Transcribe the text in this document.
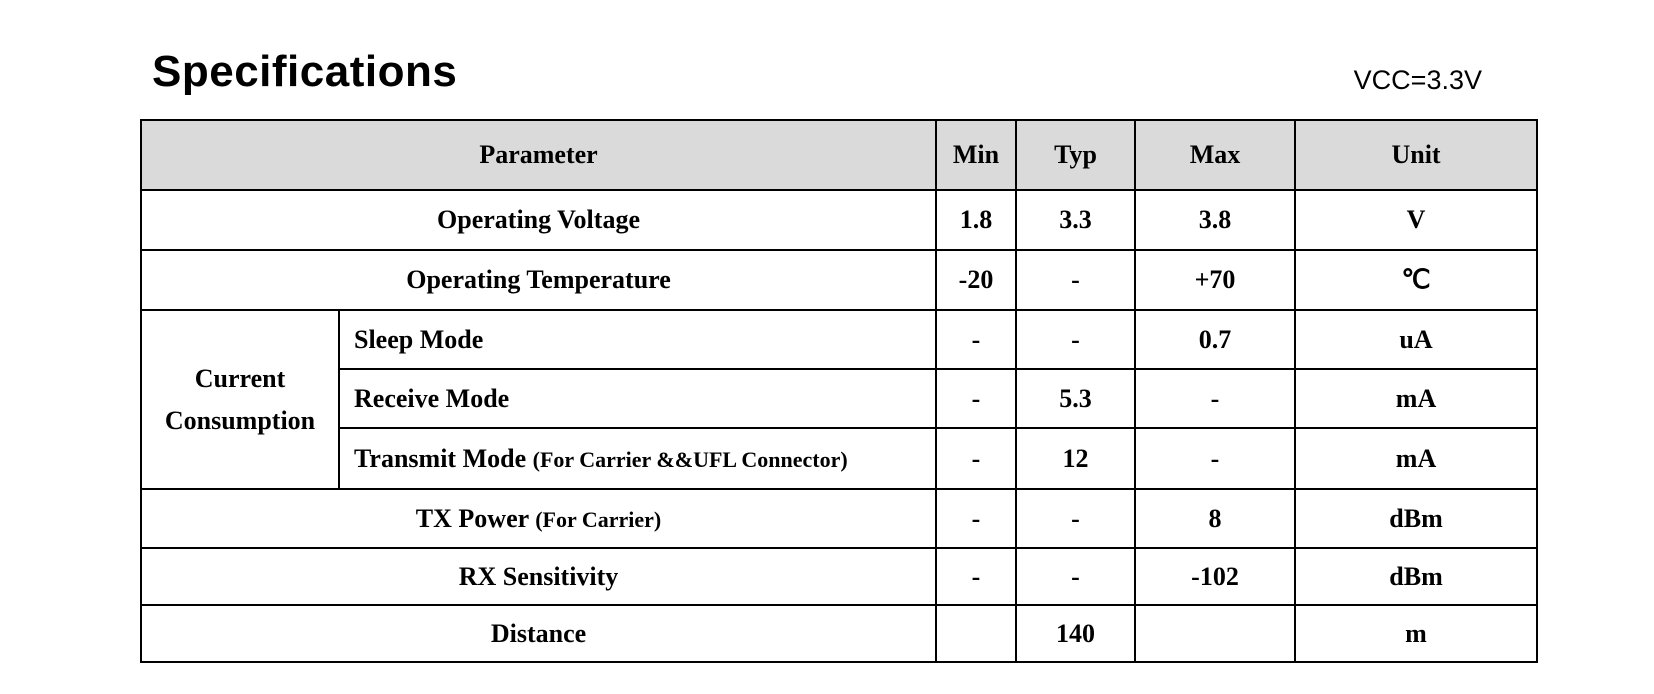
Specifications	VCC=3.3V
Parameter		Min	Typ	Max	Unit
Operating Voltage		1.8	3.3	3.8	V
Operating Temperature		-20	-	+70	℃
Current
Consumption	Sleep Mode	-	-	0.7	uA
	Receive Mode	-	5.3	-	mA
	Transmit Mode (For Carrier &&UFL Connector)	-	12	-	mA
TX Power (For Carrier)		-	-	8	dBm
RX Sensitivity		-	-	-102	dBm
Distance			140		m
